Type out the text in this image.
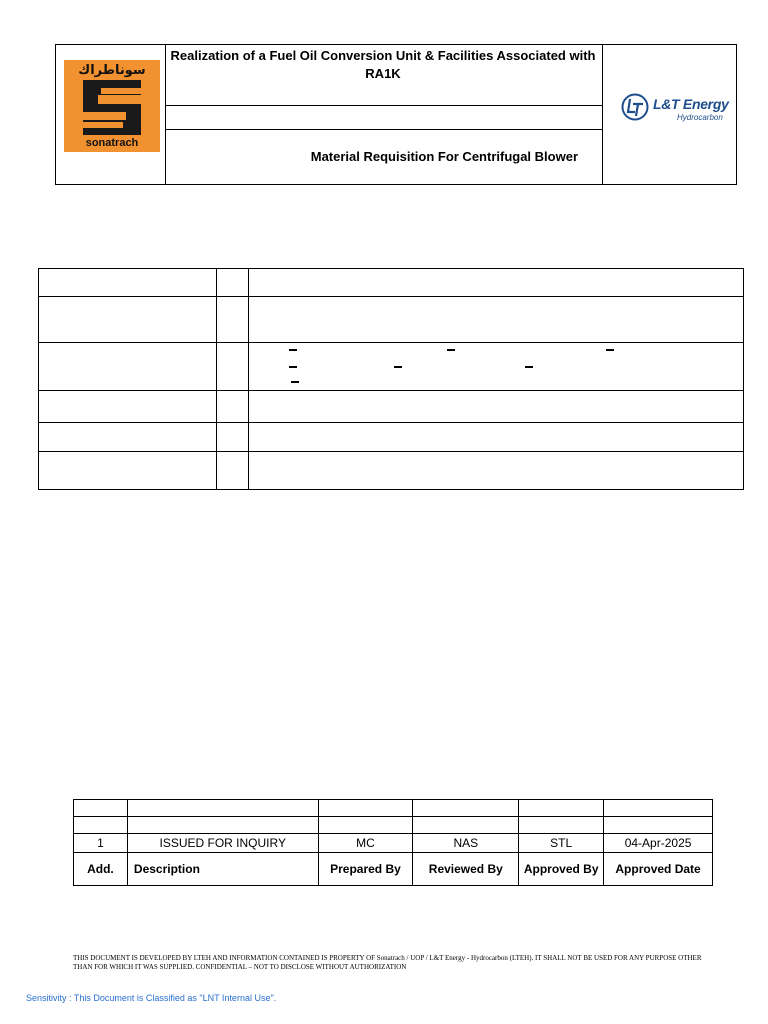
سوناطراك
sonatrach
Realization of a Fuel Oil Conversion Unit & Facilities Associated with RA1K
Material Requisition For Centrifugal Blower
L&T Energy
Hydrocarbon

1	ISSUED FOR INQUIRY	MC	NAS	STL	04-Apr-2025
Add.	Description	Prepared By	Reviewed By	Approved By	Approved Date
THIS DOCUMENT IS DEVELOPED BY LTEH AND INFORMATION CONTAINED IS PROPERTY OF Sonatrach / UOP / L&T Energy - Hydrocarbon (LTEH). IT SHALL NOT BE USED FOR ANY PURPOSE OTHER THAN FOR WHICH IT WAS SUPPLIED. CONFIDENTIAL – NOT TO DISCLOSE WITHOUT AUTHORIZATION
Sensitivity : This Document is Classified as "LNT Internal Use".
